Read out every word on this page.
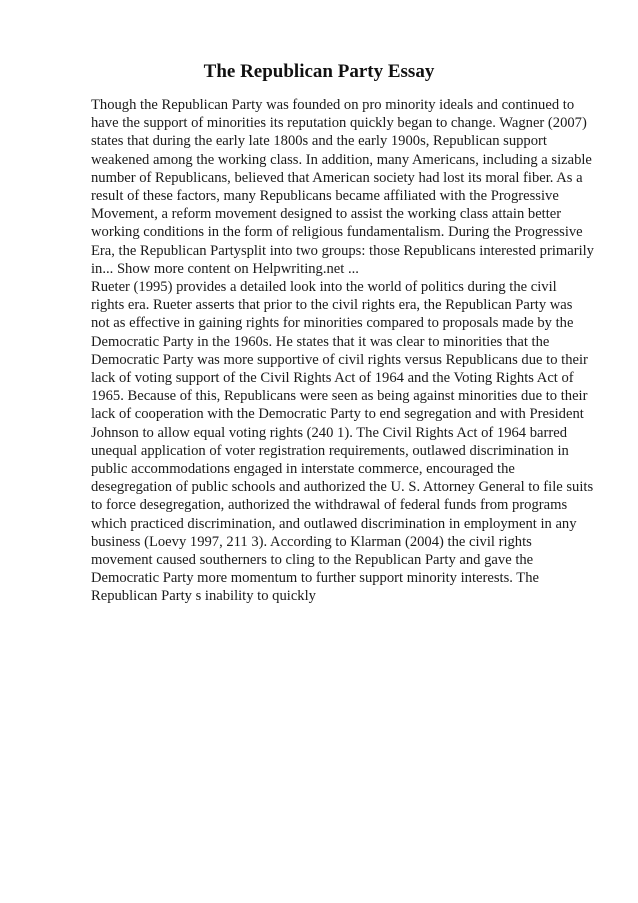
The Republican Party Essay
Though the Republican Party was founded on pro minority ideals and continued to
have the support of minorities its reputation quickly began to change. Wagner (2007)
states that during the early late 1800s and the early 1900s, Republican support
weakened among the working class. In addition, many Americans, including a sizable
number of Republicans, believed that American society had lost its moral fiber. As a
result of these factors, many Republicans became affiliated with the Progressive
Movement, a reform movement designed to assist the working class attain better
working conditions in the form of religious fundamentalism. During the Progressive
Era, the Republican Partysplit into two groups: those Republicans interested primarily
in... Show more content on Helpwriting.net ...
Rueter (1995) provides a detailed look into the world of politics during the civil
rights era. Rueter asserts that prior to the civil rights era, the Republican Party was
not as effective in gaining rights for minorities compared to proposals made by the
Democratic Party in the 1960s. He states that it was clear to minorities that the
Democratic Party was more supportive of civil rights versus Republicans due to their
lack of voting support of the Civil Rights Act of 1964 and the Voting Rights Act of
1965. Because of this, Republicans were seen as being against minorities due to their
lack of cooperation with the Democratic Party to end segregation and with President
Johnson to allow equal voting rights (240 1). The Civil Rights Act of 1964 barred
unequal application of voter registration requirements, outlawed discrimination in
public accommodations engaged in interstate commerce, encouraged the
desegregation of public schools and authorized the U. S. Attorney General to file suits
to force desegregation, authorized the withdrawal of federal funds from programs
which practiced discrimination, and outlawed discrimination in employment in any
business (Loevy 1997, 211 3). According to Klarman (2004) the civil rights
movement caused southerners to cling to the Republican Party and gave the
Democratic Party more momentum to further support minority interests. The
Republican Party s inability to quickly
